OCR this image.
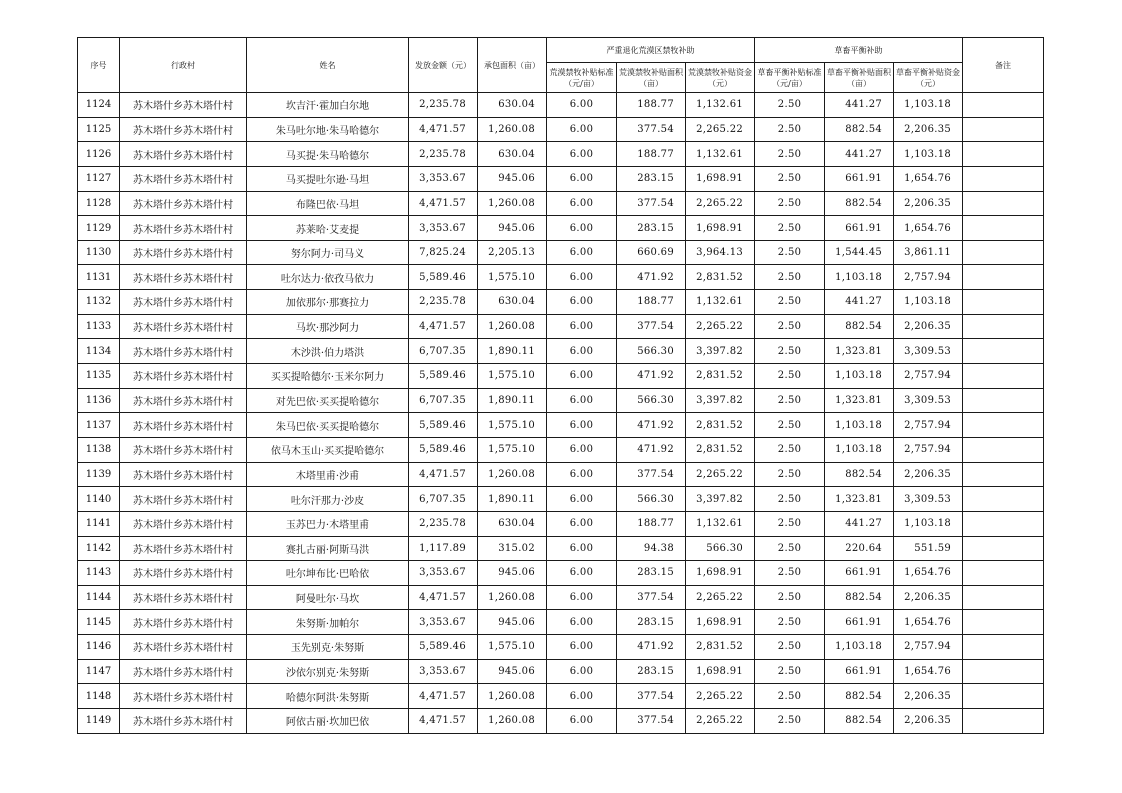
序号	行政村	姓名	发放金额（元）	承包面积（亩）	严重退化荒漠区禁牧补助			草畜平衡补助			备注
					荒漠禁牧补贴标准（元/亩）	荒漠禁牧补贴面积（亩）	荒漠禁牧补贴资金（元）	草畜平衡补贴标准（元/亩）	草畜平衡补贴面积（亩）	草畜平衡补贴资金（元）	
1124	苏木塔什乡苏木塔什村	坎吉汗·霍加白尔地	2,235.78	630.04	6.00	188.77	1,132.61	2.50	441.27	1,103.18	
1125	苏木塔什乡苏木塔什村	朱马吐尔地·朱马哈德尔	4,471.57	1,260.08	6.00	377.54	2,265.22	2.50	882.54	2,206.35	
1126	苏木塔什乡苏木塔什村	马买提·朱马哈德尔	2,235.78	630.04	6.00	188.77	1,132.61	2.50	441.27	1,103.18	
1127	苏木塔什乡苏木塔什村	马买提吐尔逊·马坦	3,353.67	945.06	6.00	283.15	1,698.91	2.50	661.91	1,654.76	
1128	苏木塔什乡苏木塔什村	布隆巴依·马坦	4,471.57	1,260.08	6.00	377.54	2,265.22	2.50	882.54	2,206.35	
1129	苏木塔什乡苏木塔什村	苏莱哈·艾麦提	3,353.67	945.06	6.00	283.15	1,698.91	2.50	661.91	1,654.76	
1130	苏木塔什乡苏木塔什村	努尔阿力·司马义	7,825.24	2,205.13	6.00	660.69	3,964.13	2.50	1,544.45	3,861.11	
1131	苏木塔什乡苏木塔什村	吐尔达力·依孜马依力	5,589.46	1,575.10	6.00	471.92	2,831.52	2.50	1,103.18	2,757.94	
1132	苏木塔什乡苏木塔什村	加依那尔·那赛拉力	2,235.78	630.04	6.00	188.77	1,132.61	2.50	441.27	1,103.18	
1133	苏木塔什乡苏木塔什村	马坎·那沙阿力	4,471.57	1,260.08	6.00	377.54	2,265.22	2.50	882.54	2,206.35	
1134	苏木塔什乡苏木塔什村	木沙洪·伯力塔洪	6,707.35	1,890.11	6.00	566.30	3,397.82	2.50	1,323.81	3,309.53	
1135	苏木塔什乡苏木塔什村	买买提哈德尔·玉米尔阿力	5,589.46	1,575.10	6.00	471.92	2,831.52	2.50	1,103.18	2,757.94	
1136	苏木塔什乡苏木塔什村	对先巴依·买买提哈德尔	6,707.35	1,890.11	6.00	566.30	3,397.82	2.50	1,323.81	3,309.53	
1137	苏木塔什乡苏木塔什村	朱马巴依·买买提哈德尔	5,589.46	1,575.10	6.00	471.92	2,831.52	2.50	1,103.18	2,757.94	
1138	苏木塔什乡苏木塔什村	依马木玉山·买买提哈德尔	5,589.46	1,575.10	6.00	471.92	2,831.52	2.50	1,103.18	2,757.94	
1139	苏木塔什乡苏木塔什村	木塔里甫·沙甫	4,471.57	1,260.08	6.00	377.54	2,265.22	2.50	882.54	2,206.35	
1140	苏木塔什乡苏木塔什村	吐尔汗那力·沙皮	6,707.35	1,890.11	6.00	566.30	3,397.82	2.50	1,323.81	3,309.53	
1141	苏木塔什乡苏木塔什村	玉苏巴力·木塔里甫	2,235.78	630.04	6.00	188.77	1,132.61	2.50	441.27	1,103.18	
1142	苏木塔什乡苏木塔什村	赛扎古丽·阿斯马洪	1,117.89	315.02	6.00	94.38	566.30	2.50	220.64	551.59	
1143	苏木塔什乡苏木塔什村	吐尔坤布比·巴哈依	3,353.67	945.06	6.00	283.15	1,698.91	2.50	661.91	1,654.76	
1144	苏木塔什乡苏木塔什村	阿曼吐尔·马坎	4,471.57	1,260.08	6.00	377.54	2,265.22	2.50	882.54	2,206.35	
1145	苏木塔什乡苏木塔什村	朱努斯·加帕尔	3,353.67	945.06	6.00	283.15	1,698.91	2.50	661.91	1,654.76	
1146	苏木塔什乡苏木塔什村	玉先别克·朱努斯	5,589.46	1,575.10	6.00	471.92	2,831.52	2.50	1,103.18	2,757.94	
1147	苏木塔什乡苏木塔什村	沙依尔别克·朱努斯	3,353.67	945.06	6.00	283.15	1,698.91	2.50	661.91	1,654.76	
1148	苏木塔什乡苏木塔什村	哈德尔阿洪·朱努斯	4,471.57	1,260.08	6.00	377.54	2,265.22	2.50	882.54	2,206.35	
1149	苏木塔什乡苏木塔什村	阿依古丽·坎加巴依	4,471.57	1,260.08	6.00	377.54	2,265.22	2.50	882.54	2,206.35	
